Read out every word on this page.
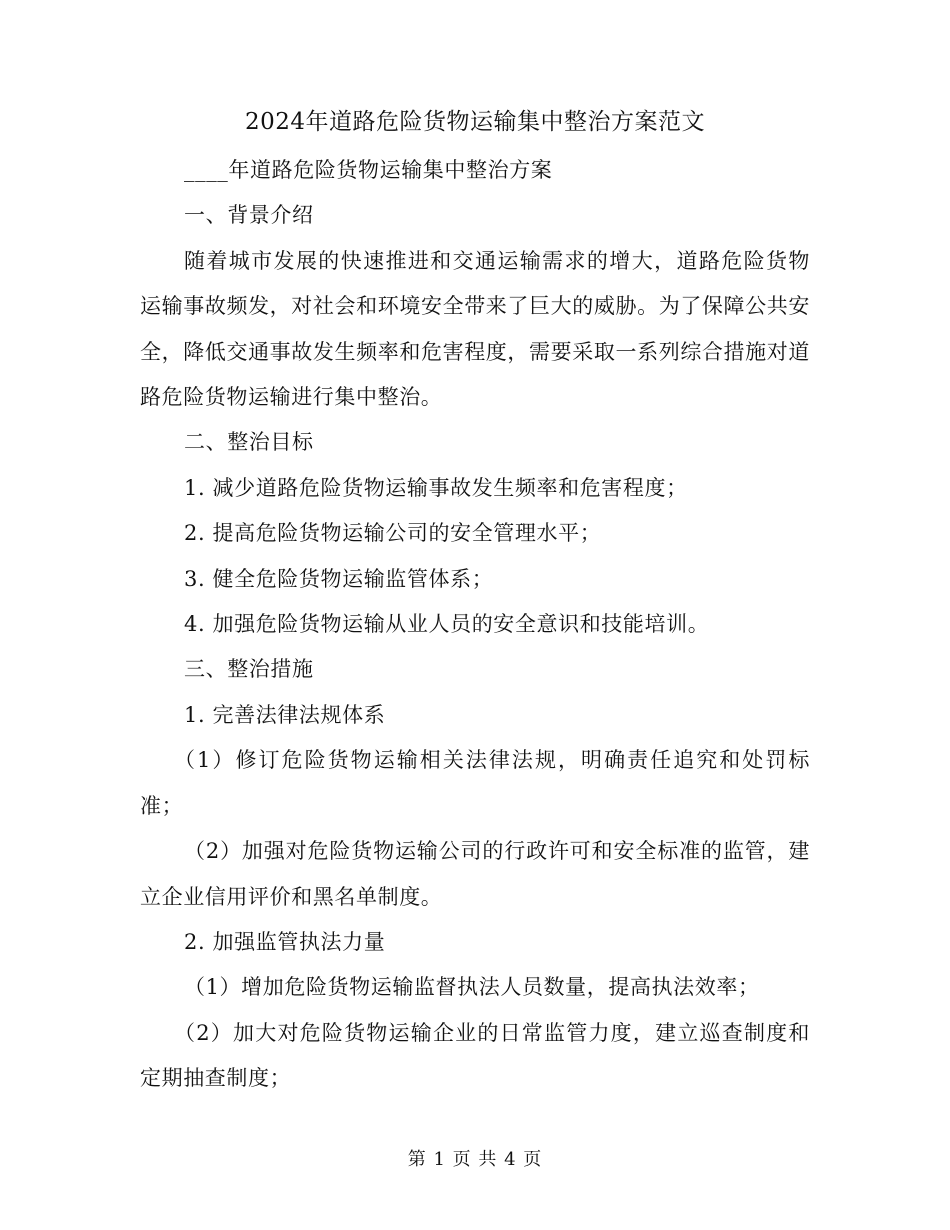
2024年道路危险货物运输集中整治方案范文

____年道路危险货物运输集中整治方案

一、背景介绍

随着城市发展的快速推进和交通运输需求的增大，道路危险货物运输事故频发，对社会和环境安全带来了巨大的威胁。为了保障公共安全，降低交通事故发生频率和危害程度，需要采取一系列综合措施对道路危险货物运输进行集中整治。

二、整治目标

1. 减少道路危险货物运输事故发生频率和危害程度；

2. 提高危险货物运输公司的安全管理水平；

3. 健全危险货物运输监管体系；

4. 加强危险货物运输从业人员的安全意识和技能培训。

三、整治措施

1. 完善法律法规体系

（1）修订危险货物运输相关法律法规，明确责任追究和处罚标准；

（2）加强对危险货物运输公司的行政许可和安全标准的监管，建立企业信用评价和黑名单制度。

2. 加强监管执法力量

（1）增加危险货物运输监督执法人员数量，提高执法效率；

（2）加大对危险货物运输企业的日常监管力度，建立巡查制度和定期抽查制度；

第 1 页 共 4 页
